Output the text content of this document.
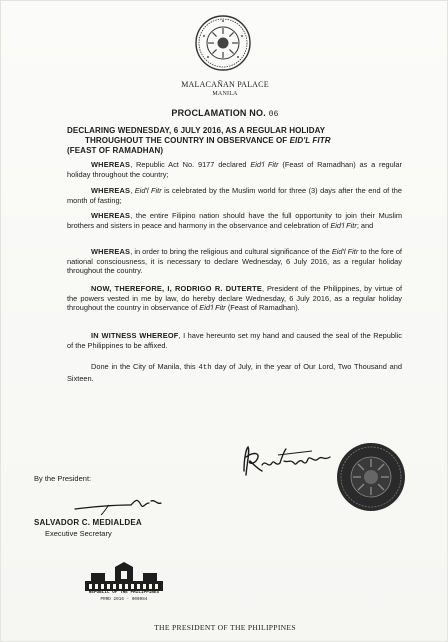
MALACAÑAN PALACE
MANILA
PROCLAMATION NO. 06
DECLARING WEDNESDAY, 6 JULY 2016, AS A REGULAR HOLIDAY
THROUGHOUT THE COUNTRY IN OBSERVANCE OF EID'L FITR
(FEAST OF RAMADHAN)

WHEREAS, Republic Act No. 9177 declared Eid'l Fitr (Feast of Ramadhan) as a regular holiday throughout the country;

WHEREAS, Eid'l Fitr is celebrated by the Muslim world for three (3) days after the end of the month of fasting;

WHEREAS, the entire Filipino nation should have the full opportunity to join their Muslim brothers and sisters in peace and harmony in the observance and celebration of Eid'l Fitr; and

WHEREAS, in order to bring the religious and cultural significance of the Eid'l Fitr to the fore of national consciousness, it is necessary to declare Wednesday, 6 July 2016, as a regular holiday throughout the country.

NOW, THEREFORE, I, RODRIGO R. DUTERTE, President of the Philippines, by virtue of the powers vested in me by law, do hereby declare Wednesday, 6 July 2016, as a regular holiday throughout the country in observance of Eid'l Fitr (Feast of Ramadhan).

IN WITNESS WHEREOF, I have hereunto set my hand and caused the seal of the Republic of the Philippines to be affixed.

Done in the City of Manila, this 4th day of July, in the year of Our Lord, Two Thousand and Sixteen.

By the President:
SALVADOR C. MEDIALDEA
Executive Secretary
REPUBLIC OF THE PHILIPPINES
PRRD 2016 - 000084
THE PRESIDENT OF THE PHILIPPINES
